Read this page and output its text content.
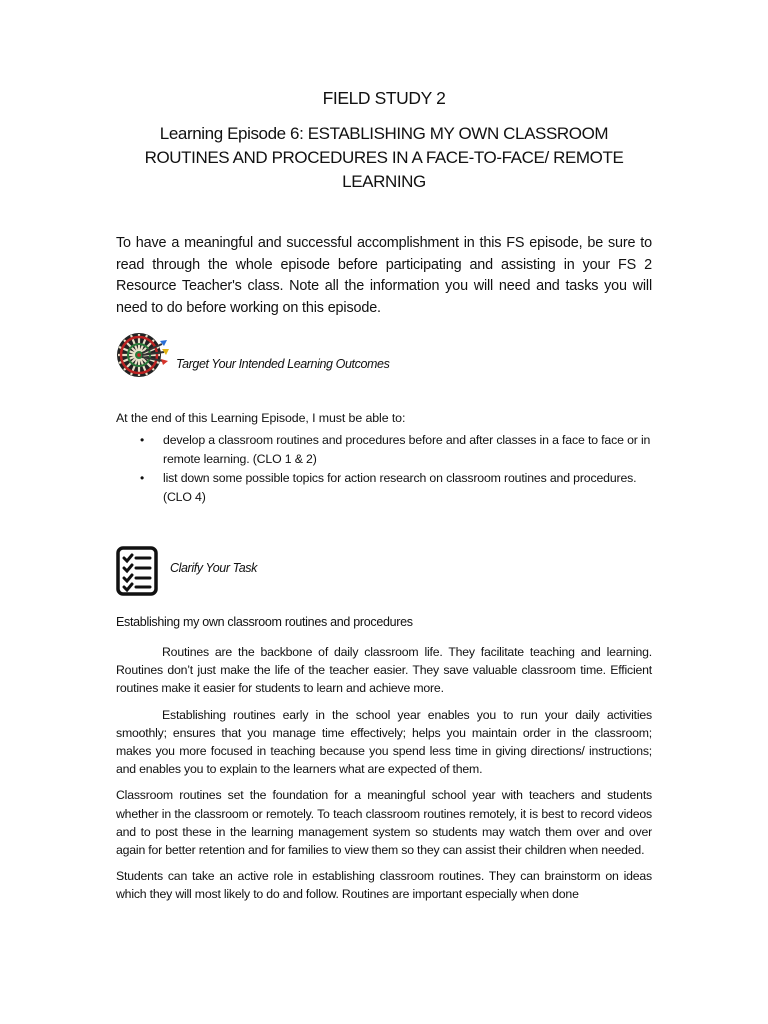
FIELD STUDY 2
Learning Episode 6: ESTABLISHING MY OWN CLASSROOM
ROUTINES AND PROCEDURES IN A FACE-TO-FACE/ REMOTE
LEARNING
To have a meaningful and successful accomplishment in this FS episode, be sure to read through the whole episode before participating and assisting in your FS 2 Resource Teacher's class. Note all the information you will need and tasks you will need to do before working on this episode.
Target Your Intended Learning Outcomes
At the end of this Learning Episode, I must be able to:
• develop a classroom routines and procedures before and after classes in a face to face or in remote learning. (CLO 1 & 2)
• list down some possible topics for action research on classroom routines and procedures. (CLO 4)
Clarify Your Task
Establishing my own classroom routines and procedures

Routines are the backbone of daily classroom life. They facilitate teaching and learning. Routines don’t just make the life of the teacher easier. They save valuable classroom time. Efficient routines make it easier for students to learn and achieve more.

Establishing routines early in the school year enables you to run your daily activities smoothly; ensures that you manage time effectively; helps you maintain order in the classroom; makes you more focused in teaching because you spend less time in giving directions/ instructions; and enables you to explain to the learners what are expected of them.

Classroom routines set the foundation for a meaningful school year with teachers and students whether in the classroom or remotely. To teach classroom routines remotely, it is best to record videos and to post these in the learning management system so students may watch them over and over again for better retention and for families to view them so they can assist their children when needed.

Students can take an active role in establishing classroom routines. They can brainstorm on ideas which they will most likely to do and follow. Routines are important especially when done
